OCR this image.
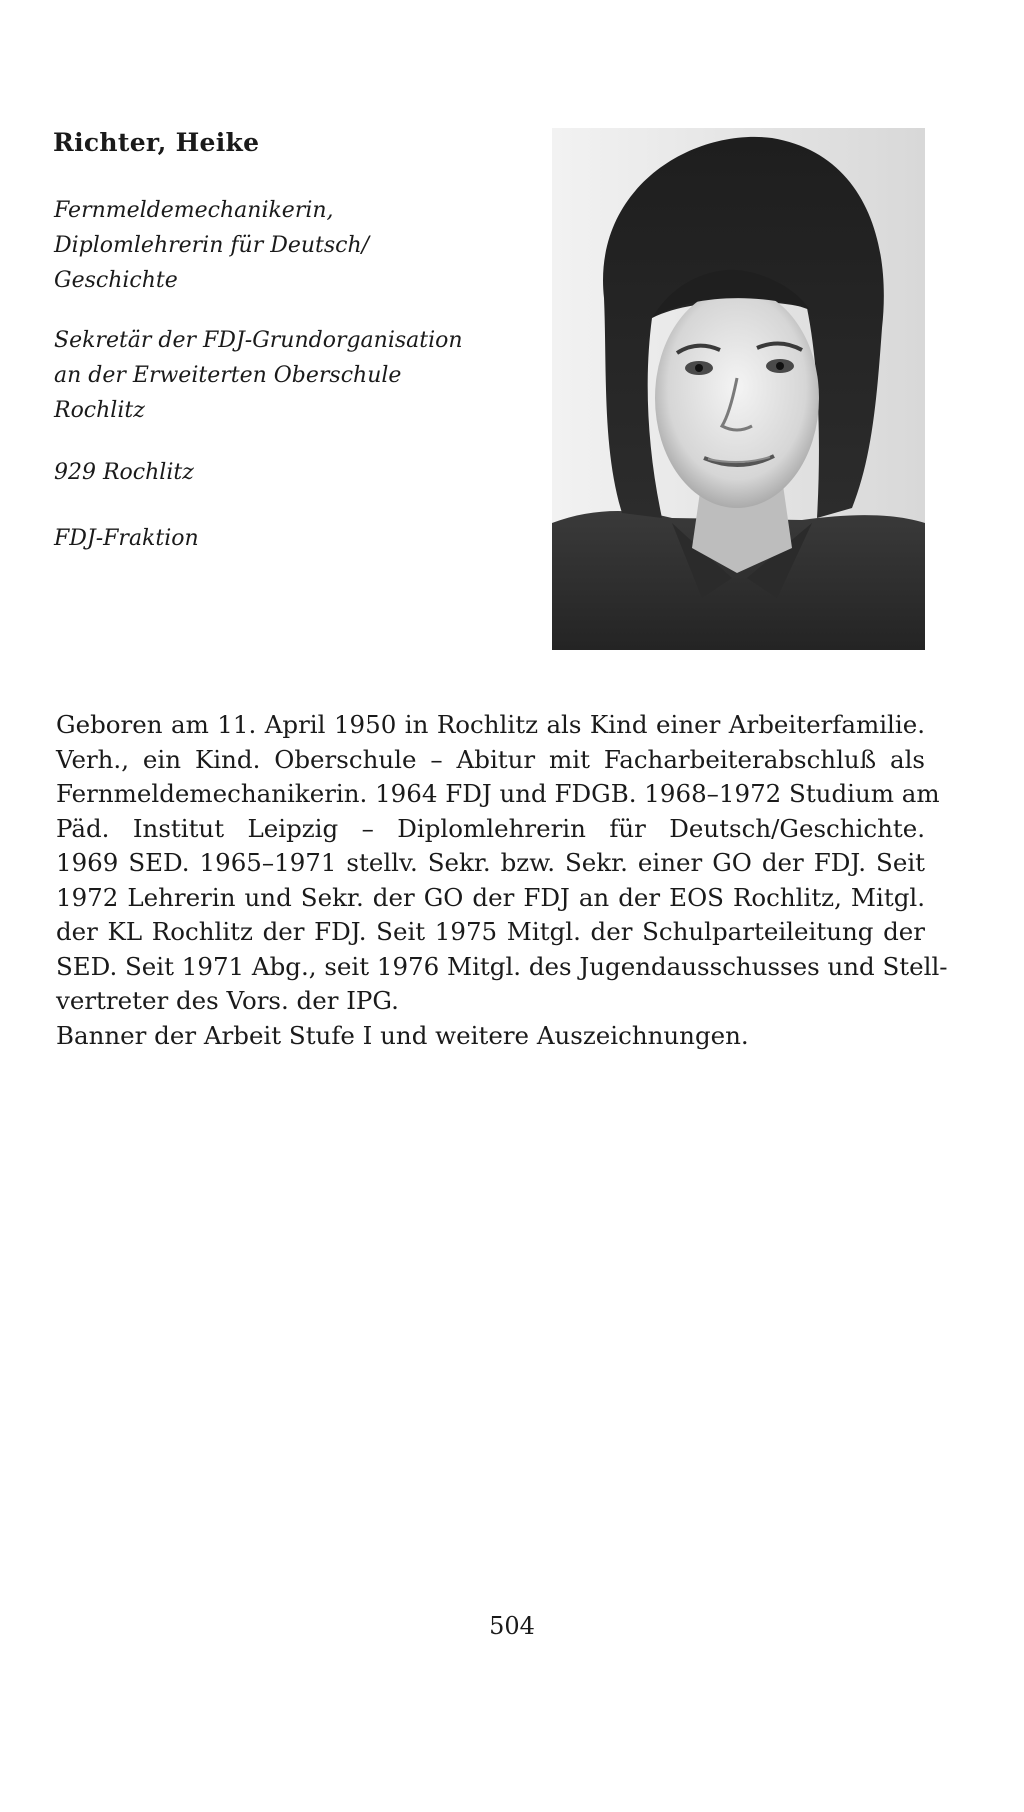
Richter, Heike

Fernmeldemechanikerin,
Diplomlehrerin für Deutsch/
Geschichte

Sekretär der FDJ-Grundorganisation
an der Erweiterten Oberschule
Rochlitz

929 Rochlitz

FDJ-Fraktion

Geboren am 11. April 1950 in Rochlitz als Kind einer Arbeiterfamilie.
Verh., ein Kind. Oberschule – Abitur mit Facharbeiterabschluß als
Fernmeldemechanikerin. 1964 FDJ und FDGB. 1968–1972 Studium am
Päd. Institut Leipzig – Diplomlehrerin für Deutsch/Geschichte.
1969 SED. 1965–1971 stellv. Sekr. bzw. Sekr. einer GO der FDJ. Seit
1972 Lehrerin und Sekr. der GO der FDJ an der EOS Rochlitz, Mitgl.
der KL Rochlitz der FDJ. Seit 1975 Mitgl. der Schulparteileitung der
SED. Seit 1971 Abg., seit 1976 Mitgl. des Jugendausschusses und Stell-
vertreter des Vors. der IPG.
Banner der Arbeit Stufe I und weitere Auszeichnungen.

504
